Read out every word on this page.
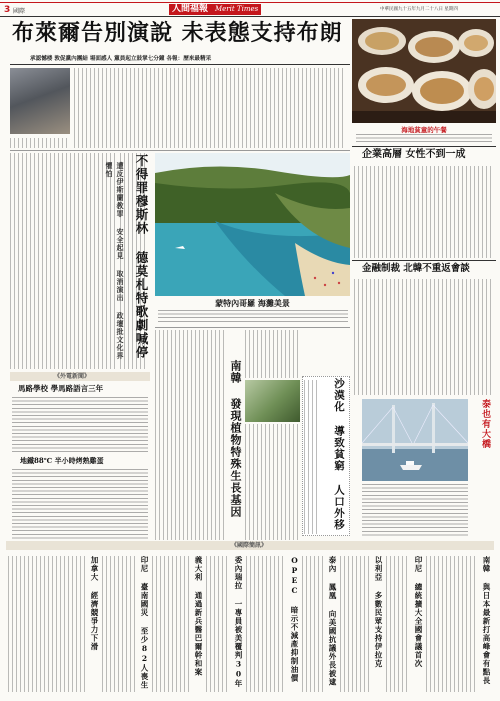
3 國際	人間福報 Merit Times	中華民國九十五年九月二十八日 星期四
布萊爾告別演說 未表態支持布朗
承認憾楼 敦促黨內團結 場面感人 黨員起立鼓掌七分鐘 各報：歷來最精采
海地貧童的午餐
企業高層 女性不到一成
不得罪穆斯林 德莫札特歌劇喊停
遭反伊斯蘭教罪 安全起見 取消演出 政壇批文化界懼怕
蒙特內哥羅 海灘美景
金融制裁 北韓不重返會談
南韓 發現植物特殊生長基因	沙漠化 導致貧窮 人口外移	泰也有大橋
《外電新聞》
馬路學校 學馬路語言三年
地鐵88℃ 半小時烤熟雞蛋
《國際簡訊》
南韓 與日本最新打高峰會有點長
印尼 總統擴大全國會議首次
以利亞 多數民眾支持伊拉克
泰內 鳳凰 向美國抗議外長被逮
OPEC 暗示不減產抑制油價
委內瑞拉 一專員被美覆判30年
義大利 通過新兵醫巴爾幹和案
印尼 臺南國災 至少82人喪生
加拿大 經濟競爭力下滑
